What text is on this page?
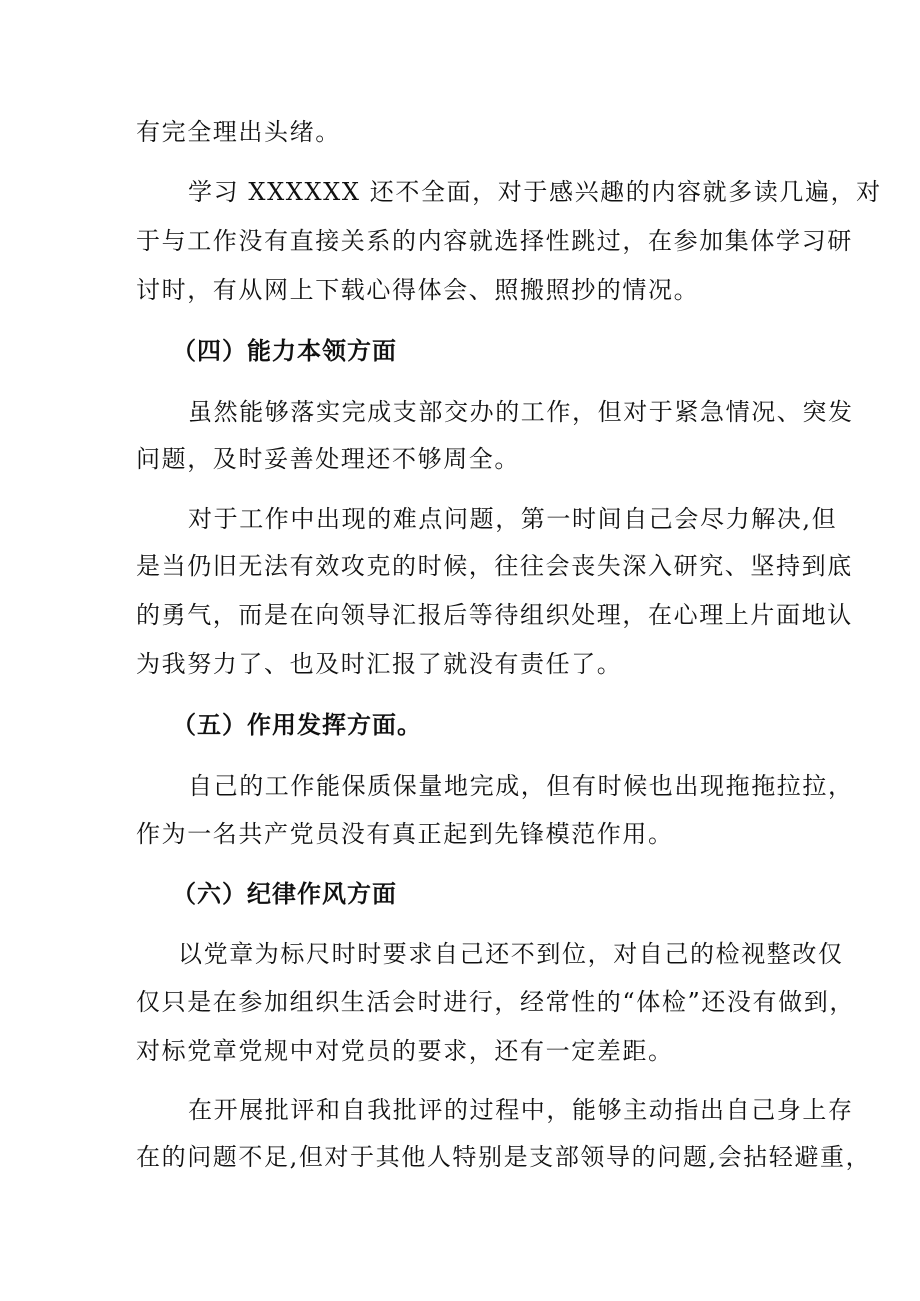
有完全理出头绪。
学习 XXXXXX 还不全面，对于感兴趣的内容就多读几遍，对
于与工作没有直接关系的内容就选择性跳过，在参加集体学习研
讨时，有从网上下载心得体会、照搬照抄的情况。
（四）能力本领方面
虽然能够落实完成支部交办的工作，但对于紧急情况、突发
问题，及时妥善处理还不够周全。
对于工作中出现的难点问题，第一时间自己会尽力解决,但
是当仍旧无法有效攻克的时候，往往会丧失深入研究、坚持到底
的勇气，而是在向领导汇报后等待组织处理，在心理上片面地认
为我努力了、也及时汇报了就没有责任了。
（五）作用发挥方面。
自己的工作能保质保量地完成，但有时候也出现拖拖拉拉，
作为一名共产党员没有真正起到先锋模范作用。
（六）纪律作风方面
以党章为标尺时时要求自己还不到位，对自己的检视整改仅
仅只是在参加组织生活会时进行，经常性的“体检”还没有做到，
对标党章党规中对党员的要求，还有一定差距。
在开展批评和自我批评的过程中，能够主动指出自己身上存
在的问题不足,但对于其他人特别是支部领导的问题,会拈轻避重，
